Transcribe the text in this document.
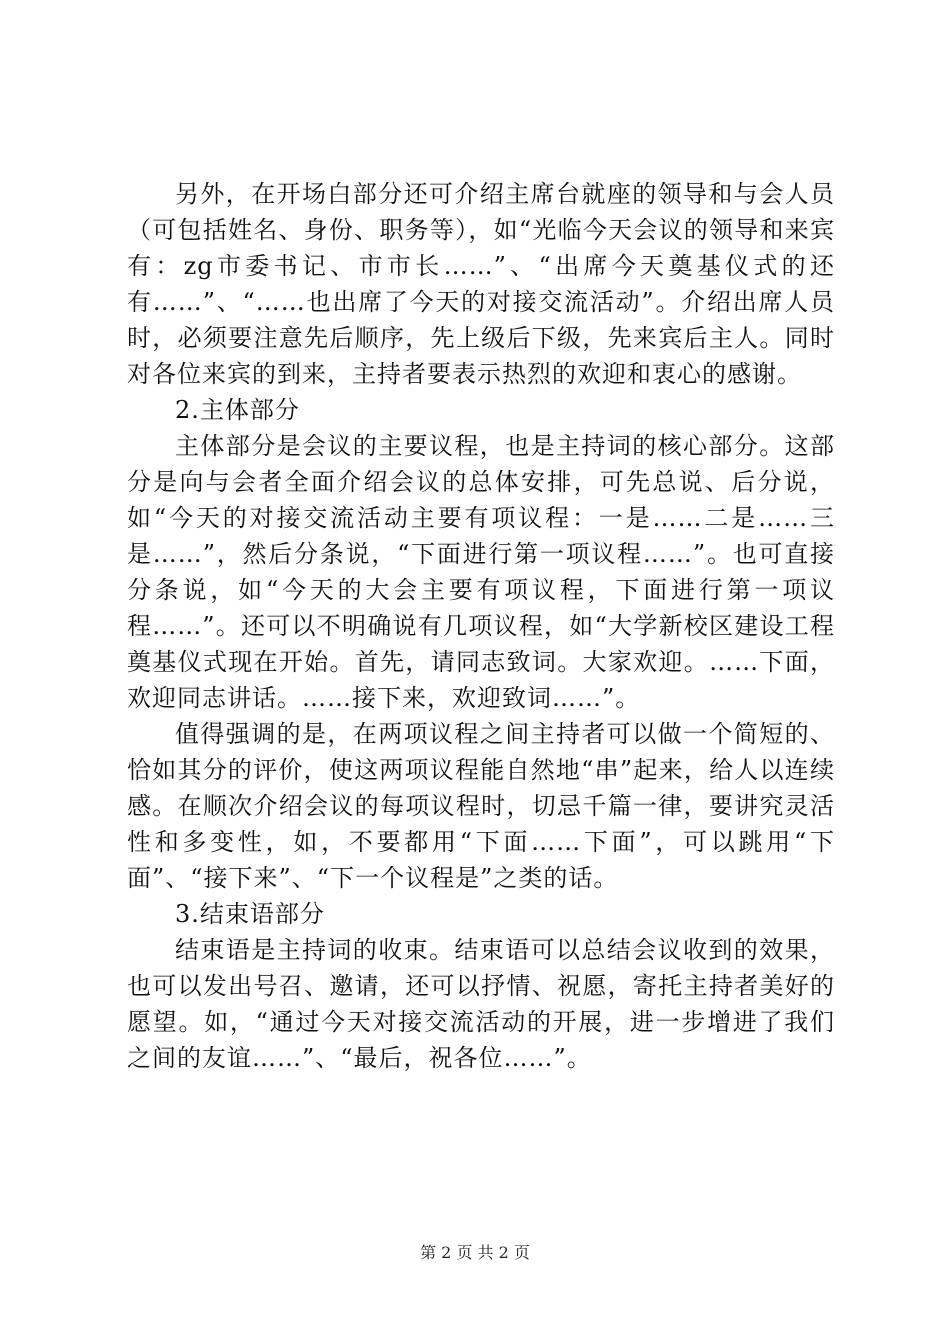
另外，在开场白部分还可介绍主席台就座的领导和与会人员（可包括姓名、身份、职务等），如“光临今天会议的领导和来宾有：zg市委书记、市市长……”、“出席今天奠基仪式的还有……”、“……也出席了今天的对接交流活动”。介绍出席人员时，必须要注意先后顺序，先上级后下级，先来宾后主人。同时对各位来宾的到来，主持者要表示热烈的欢迎和衷心的感谢。

2.主体部分

主体部分是会议的主要议程，也是主持词的核心部分。这部分是向与会者全面介绍会议的总体安排，可先总说、后分说，如“今天的对接交流活动主要有项议程：一是……二是……三是……”，然后分条说，“下面进行第一项议程……”。也可直接分条说，如“今天的大会主要有项议程，下面进行第一项议程……”。还可以不明确说有几项议程，如“大学新校区建设工程奠基仪式现在开始。首先，请同志致词。大家欢迎。……下面，欢迎同志讲话。……接下来，欢迎致词……”。

值得强调的是，在两项议程之间主持者可以做一个简短的、恰如其分的评价，使这两项议程能自然地“串”起来，给人以连续感。在顺次介绍会议的每项议程时，切忌千篇一律，要讲究灵活性和多变性，如，不要都用“下面……下面”，可以跳用“下面”、“接下来”、“下一个议程是”之类的话。

3.结束语部分

结束语是主持词的收束。结束语可以总结会议收到的效果，也可以发出号召、邀请，还可以抒情、祝愿，寄托主持者美好的愿望。如，“通过今天对接交流活动的开展，进一步增进了我们之间的友谊……”、“最后，祝各位……”。

第 2 页 共 2 页
